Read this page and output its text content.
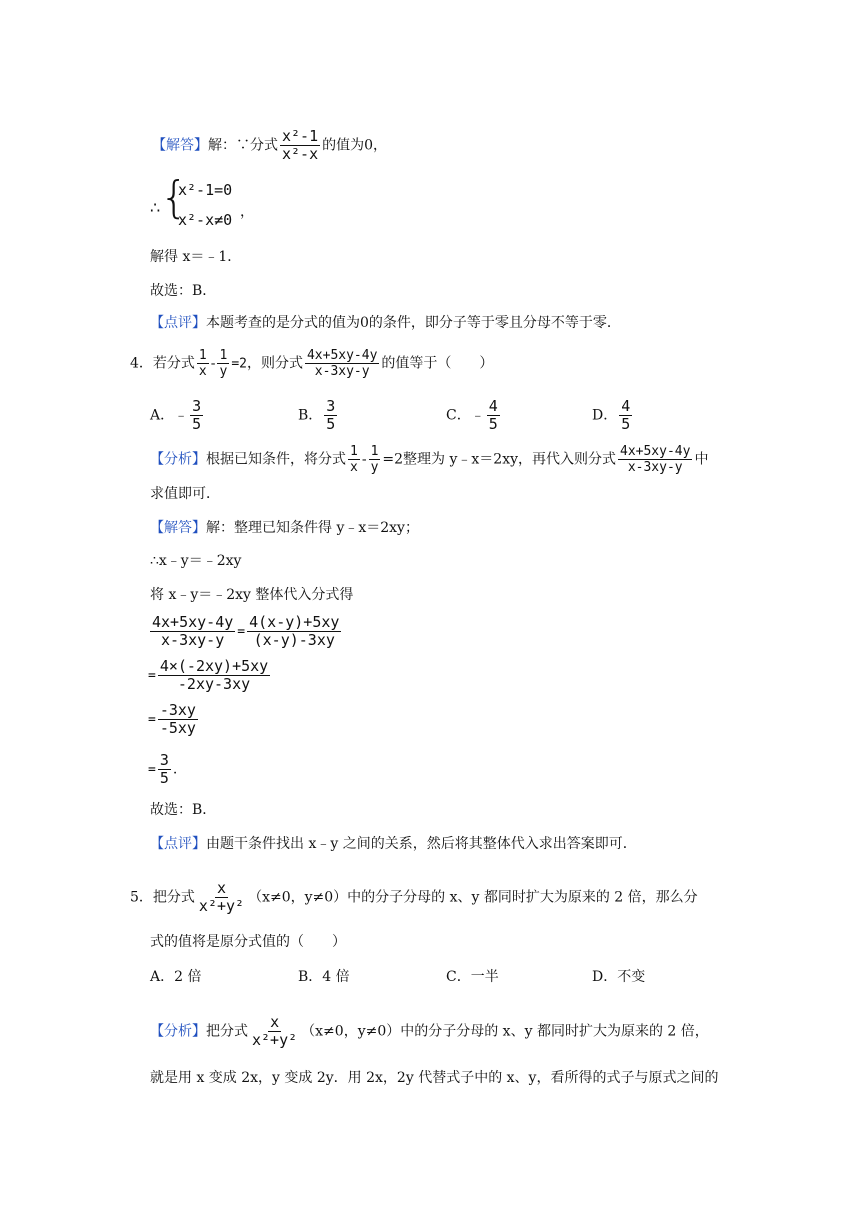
【解答】解：∵分式 $\frac{\text{x²-1}}{\text{x²-x}}$ 的值为0，
∴ {
x²-1=0
x²-x≠0 ，
解得 x＝﹣1．
故选：B．
【点评】本题考查的是分式的值为0的条件，即分子等于零且分母不等于零．
4．若分式 $\frac{1}{x} - \frac{1}{y} =2$，则分式 $\frac{4x+5xy-4y}{x-3xy-y}$ 的值等于（　　）
A．﹣ $\frac{3}{5}$	B． $\frac{3}{5}$	C．﹣ $\frac{4}{5}$	D． $\frac{4}{5}$
【分析】根据已知条件，将分式 $\frac{1}{x} - \frac{1}{y} =2$整理为 y﹣x＝2xy，再代入则分式 $\frac{4x+5xy-4y}{x-3xy-y}$ 中
求值即可．
【解答】解：整理已知条件得 y﹣x＝2xy；
∴x﹣y＝﹣2xy
将 x﹣y＝﹣2xy 整体代入分式得
$\frac{4x+5xy-4y}{x-3xy-y} = \frac{4(x-y)+5xy}{(x-y)-3xy}$
= $\frac{4\times(-2xy)+5xy}{-2xy-3xy}$
= $\frac{-3xy}{-5xy}$
= $\frac{3}{5}$ .
故选：B．
【点评】由题干条件找出 x﹣y 之间的关系，然后将其整体代入求出答案即可．
5．把分式 $\frac{x}{\text{x²+y²}} (x\ne 0$，y≠0）中的分子分母的 x、y 都同时扩大为原来的 2 倍，那么分
式的值将是原分式值的（　　）
A．2 倍	B．4 倍	C．一半	D．不变
【分析】把分式 $\frac{x}{\text{x²+y²}} (x\ne 0$，y≠0）中的分子分母的 x、y 都同时扩大为原来的 2 倍，
就是用 x 变成 2x，y 变成 2y．用 2x，2y 代替式子中的 x、y，看所得的式子与原式之间的
